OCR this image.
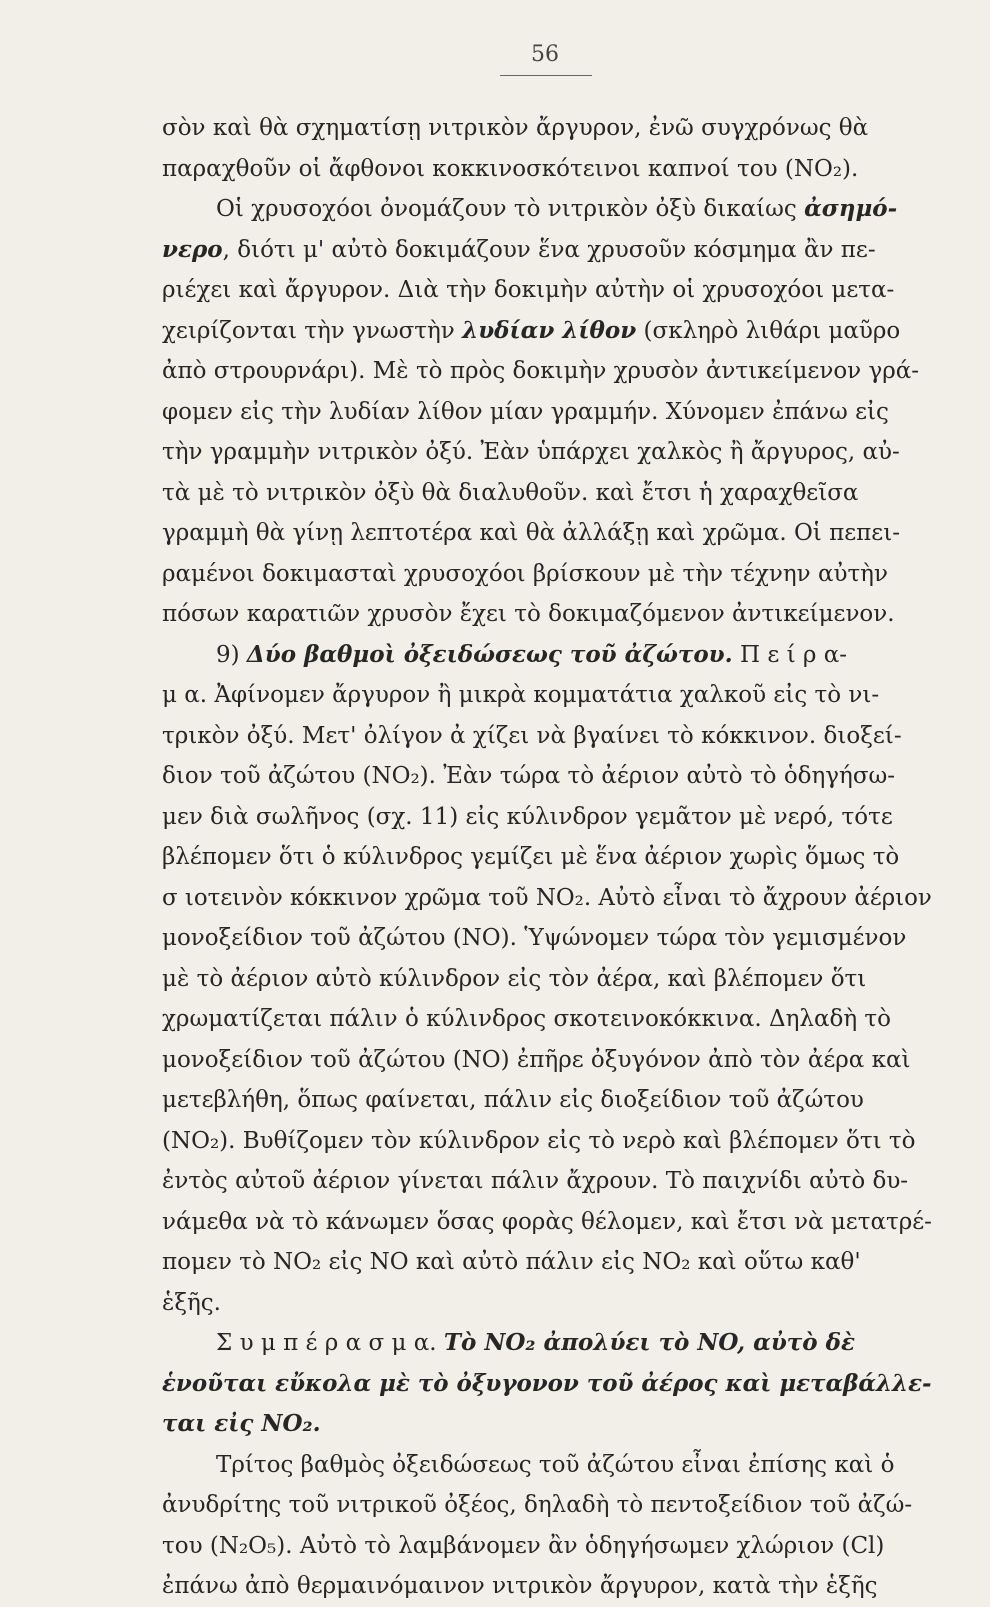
56
σὸν καὶ θὰ σχηματίσῃ νιτρικὸν ἄργυρον, ἐνῶ συγχρόνως θὰ
παραχθοῦν οἱ ἄφθονοι κοκκινοσκότεινοι καπνοί του (NO₂).
Οἱ χρυσοχόοι ὀνομάζουν τὸ νιτρικὸν ὀξὺ δικαίως ἀσημό-
νερο, διότι μ' αὐτὸ δοκιμάζουν ἕνα χρυσοῦν κόσμημα ἂν πε-
ριέχει καὶ ἄργυρον. Διὰ τὴν δοκιμὴν αὐτὴν οἱ χρυσοχόοι μετα-
χειρίζονται τὴν γνωστὴν λυδίαν λίθον (σκληρὸ λιθάρι μαῦρο
ἀπὸ στρουρνάρι). Μὲ τὸ πρὸς δοκιμὴν χρυσὸν ἀντικείμενον γρά-
φομεν εἰς τὴν λυδίαν λίθον μίαν γραμμήν. Χύνομεν ἐπάνω εἰς
τὴν γραμμὴν νιτρικὸν ὀξύ. Ἐὰν ὑπάρχει χαλκὸς ἢ ἄργυρος, αὐ-
τὰ μὲ τὸ νιτρικὸν ὀξὺ θὰ διαλυθοῦν. καὶ ἔτσι ἡ χαραχθεῖσα
γραμμὴ θὰ γίνῃ λεπτοτέρα καὶ θὰ ἀλλάξῃ καὶ χρῶμα. Οἱ πεπει-
ραμένοι δοκιμασταὶ χρυσοχόοι βρίσκουν μὲ τὴν τέχνην αὐτὴν
πόσων καρατιῶν χρυσὸν ἔχει τὸ δοκιμαζόμενον ἀντικείμενον.
9) Δύο βαθμοὶ ὀξειδώσεως τοῦ ἀζώτου. Π ε ί ρ α-
μ α. Ἀφίνομεν ἄργυρον ἢ μικρὰ κομματάτια χαλκοῦ εἰς τὸ νι-
τρικὸν ὀξύ. Μετ' ὀλίγον ἀ χίζει νὰ βγαίνει τὸ κόκκινον. διοξεί-
διον τοῦ ἀζώτου (NO₂). Ἐὰν τώρα τὸ ἀέριον αὐτὸ τὸ ὁδηγήσω-
μεν διὰ σωλῆνος (σχ. 11) εἰς κύλινδρον γεμᾶτον μὲ νερό, τότε
βλέπομεν ὅτι ὁ κύλινδρος γεμίζει μὲ ἕνα ἀέριον χωρὶς ὅμως τὸ
σ ιοτεινὸν κόκκινον χρῶμα τοῦ NO₂. Αὐτὸ εἶναι τὸ ἄχρουν ἀέριον
μονοξείδιον τοῦ ἀζώτου (NO). Ὑψώνομεν τώρα τὸν γεμισμένον
μὲ τὸ ἀέριον αὐτὸ κύλινδρον εἰς τὸν ἀέρα, καὶ βλέπομεν ὅτι
χρωματίζεται πάλιν ὁ κύλινδρος σκοτεινοκόκκινα. Δηλαδὴ τὸ
μονοξείδιον τοῦ ἀζώτου (NO) ἐπῆρε ὀξυγόνον ἀπὸ τὸν ἀέρα καὶ
μετεβλήθη, ὅπως φαίνεται, πάλιν εἰς διοξείδιον τοῦ ἀζώτου
(NO₂). Βυθίζομεν τὸν κύλινδρον εἰς τὸ νερὸ καὶ βλέπομεν ὅτι τὸ
ἐντὸς αὐτοῦ ἀέριον γίνεται πάλιν ἄχρουν. Τὸ παιχνίδι αὐτὸ δυ-
νάμεθα νὰ τὸ κάνωμεν ὅσας φορὰς θέλομεν, καὶ ἔτσι νὰ μετατρέ-
πομεν τὸ NO₂ εἰς NO καὶ αὐτὸ πάλιν εἰς NO₂ καὶ οὕτω καθ'
ἑξῆς.
Σ υ μ π έ ρ α σ μ α. Τὸ NO₂ ἀπολύει τὸ NO, αὐτὸ δὲ
ἑνοῦται εὔκολα μὲ τὸ ὀξυγονον τοῦ ἀέρος καὶ μεταβάλλε-
ται εἰς NO₂.
Τρίτος βαθμὸς ὀξειδώσεως τοῦ ἀζώτου εἶναι ἐπίσης καὶ ὁ
ἀνυδρίτης τοῦ νιτρικοῦ ὀξέος, δηλαδὴ τὸ πεντοξείδιον τοῦ ἀζώ-
του (N₂O₅). Αὐτὸ τὸ λαμβάνομεν ἂν ὁδηγήσωμεν χλώριον (Cl)
ἐπάνω ἀπὸ θερμαινόμαινον νιτρικὸν ἄργυρον, κατὰ τὴν ἑξῆς
